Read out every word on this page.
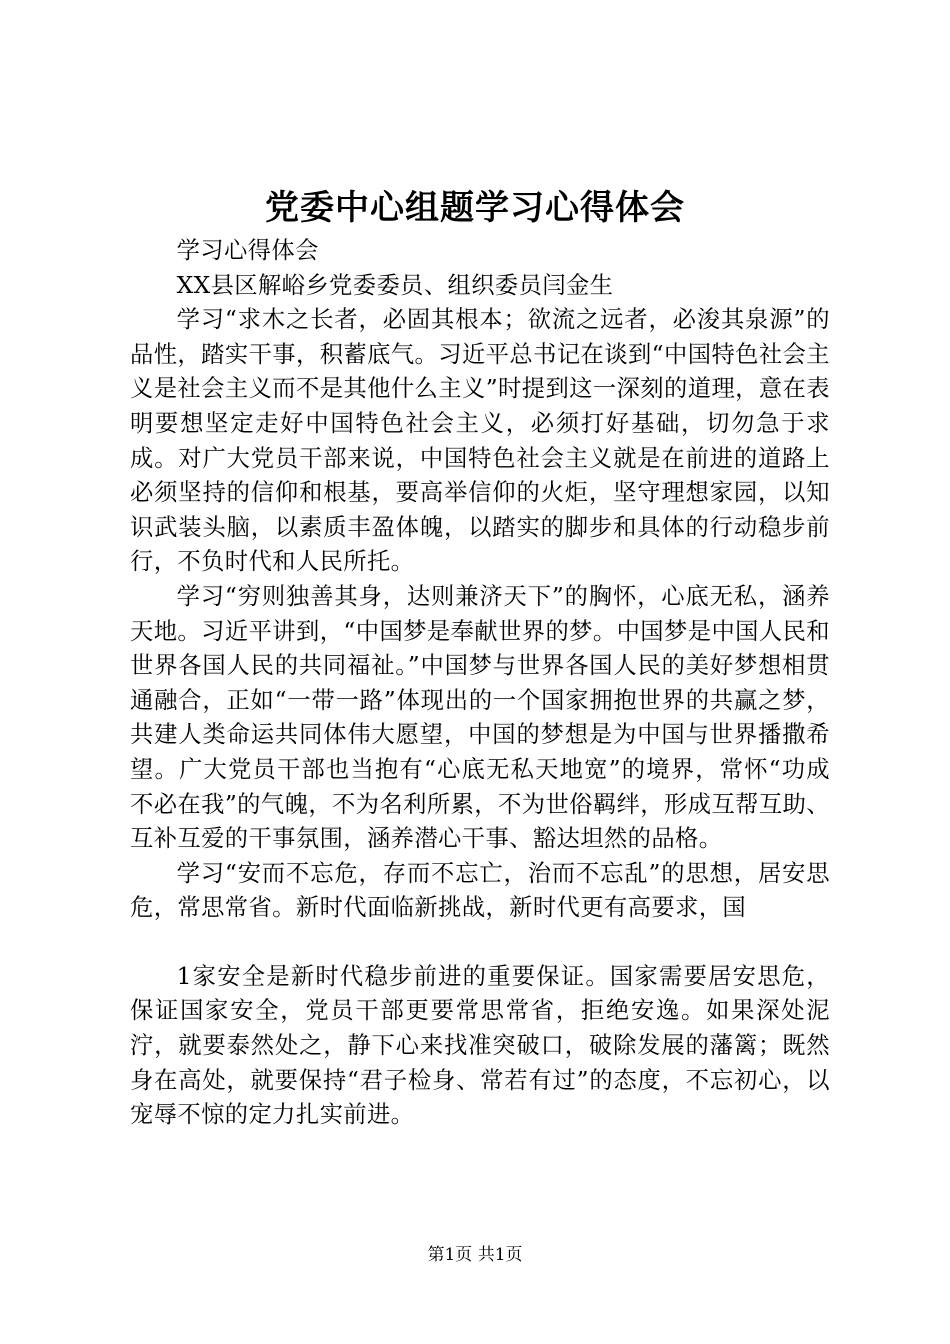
党委中心组题学习心得体会

学习心得体会

XX县区解峪乡党委委员、组织委员闫金生

学习“求木之长者，必固其根本；欲流之远者，必浚其泉源”的品性，踏实干事，积蓄底气。习近平总书记在谈到“中国特色社会主义是社会主义而不是其他什么主义”时提到这一深刻的道理，意在表明要想坚定走好中国特色社会主义，必须打好基础，切勿急于求成。对广大党员干部来说，中国特色社会主义就是在前进的道路上必须坚持的信仰和根基，要高举信仰的火炬，坚守理想家园，以知识武装头脑，以素质丰盈体魄，以踏实的脚步和具体的行动稳步前行，不负时代和人民所托。

学习“穷则独善其身，达则兼济天下”的胸怀，心底无私，涵养天地。习近平讲到，“中国梦是奉献世界的梦。中国梦是中国人民和世界各国人民的共同福祉。”中国梦与世界各国人民的美好梦想相贯通融合，正如“一带一路”体现出的一个国家拥抱世界的共赢之梦，共建人类命运共同体伟大愿望，中国的梦想是为中国与世界播撒希望。广大党员干部也当抱有“心底无私天地宽”的境界，常怀“功成不必在我”的气魄，不为名利所累，不为世俗羁绊，形成互帮互助、互补互爱的干事氛围，涵养潜心干事、豁达坦然的品格。

学习“安而不忘危，存而不忘亡，治而不忘乱”的思想，居安思危，常思常省。新时代面临新挑战，新时代更有高要求，国

1家安全是新时代稳步前进的重要保证。国家需要居安思危，保证国家安全，党员干部更要常思常省，拒绝安逸。如果深处泥泞，就要泰然处之，静下心来找准突破口，破除发展的藩篱；既然身在高处，就要保持“君子检身、常若有过”的态度，不忘初心，以宠辱不惊的定力扎实前进。

第1页 共1页
